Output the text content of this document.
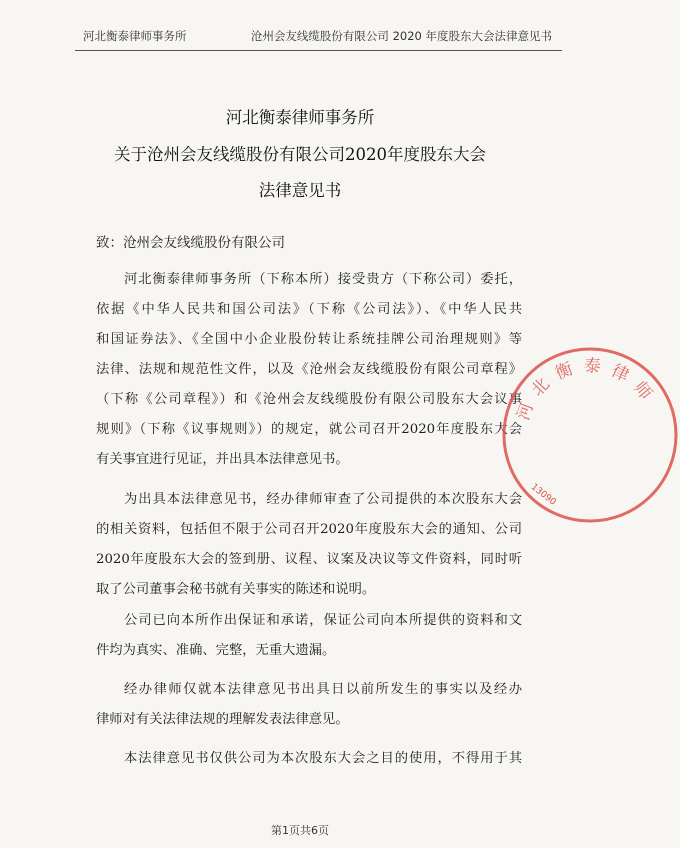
河北衡泰律师事务所	沧州会友线缆股份有限公司 2020 年度股东大会法律意见书
河北衡泰律师事务所
关于沧州会友线缆股份有限公司2020年度股东大会
法律意见书
致：沧州会友线缆股份有限公司
河北衡泰律师事务所（下称本所）接受贵方（下称公司）委托，
依据《中华人民共和国公司法》（下称《公司法》）、《中华人民共
和国证券法》、《全国中小企业股份转让系统挂牌公司治理规则》等
法律、法规和规范性文件，以及《沧州会友线缆股份有限公司章程》
（下称《公司章程》）和《沧州会友线缆股份有限公司股东大会议事
规则》（下称《议事规则》）的规定，就公司召开2020年度股东大会
有关事宜进行见证，并出具本法律意见书。
为出具本法律意见书，经办律师审查了公司提供的本次股东大会
的相关资料，包括但不限于公司召开2020年度股东大会的通知、公司
2020年度股东大会的签到册、议程、议案及决议等文件资料，同时听
取了公司董事会秘书就有关事实的陈述和说明。
公司已向本所作出保证和承诺，保证公司向本所提供的资料和文
件均为真实、准确、完整，无重大遗漏。
经办律师仅就本法律意见书出具日以前所发生的事实以及经办
律师对有关法律法规的理解发表法律意见。
本法律意见书仅供公司为本次股东大会之目的使用，不得用于其
第1页共6页
河
北
衡 泰 律
师
13090
